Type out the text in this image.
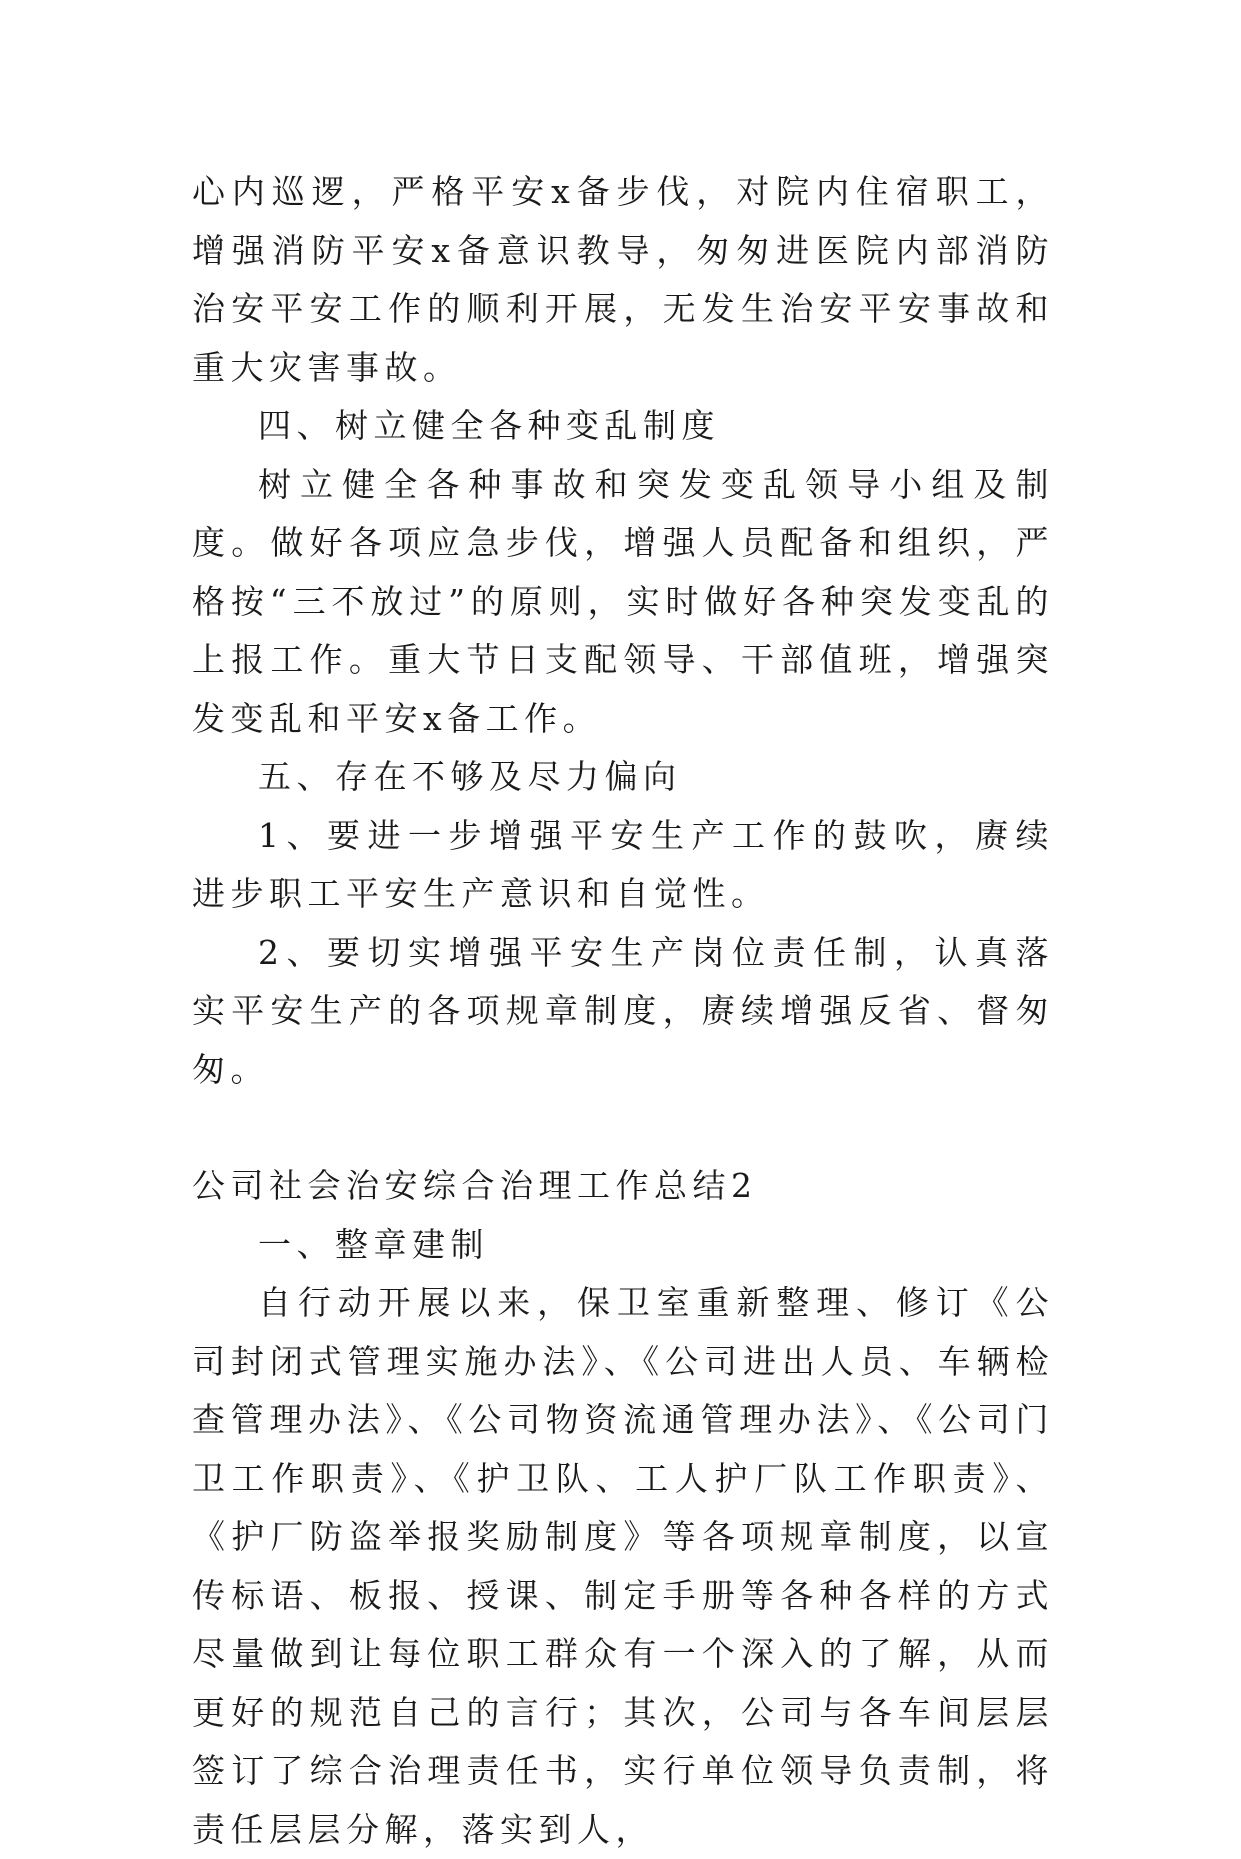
心内巡逻，严格平安x备步伐，对院内住宿职工，增强消防平安x备意识教导，匆匆进医院内部消防治安平安工作的顺利开展，无发生治安平安事故和重大灾害事故。

四、树立健全各种变乱制度

树立健全各种事故和突发变乱领导小组及制度。做好各项应急步伐，增强人员配备和组织，严格按“三不放过”的原则，实时做好各种突发变乱的上报工作。重大节日支配领导、干部值班，增强突发变乱和平安x备工作。

五、存在不够及尽力偏向

1、要进一步增强平安生产工作的鼓吹，赓续进步职工平安生产意识和自觉性。

2、要切实增强平安生产岗位责任制，认真落实平安生产的各项规章制度，赓续增强反省、督匆匆。

公司社会治安综合治理工作总结2

一、整章建制

自行动开展以来，保卫室重新整理、修订《公司封闭式管理实施办法》、《公司进出人员、车辆检查管理办法》、《公司物资流通管理办法》、《公司门卫工作职责》、《护卫队、工人护厂队工作职责》、《护厂防盗举报奖励制度》等各项规章制度，以宣传标语、板报、授课、制定手册等各种各样的方式尽量做到让每位职工群众有一个深入的了解，从而更好的规范自己的言行；其次，公司与各车间层层签订了综合治理责任书，实行单位领导负责制，将责任层层分解，落实到人，
